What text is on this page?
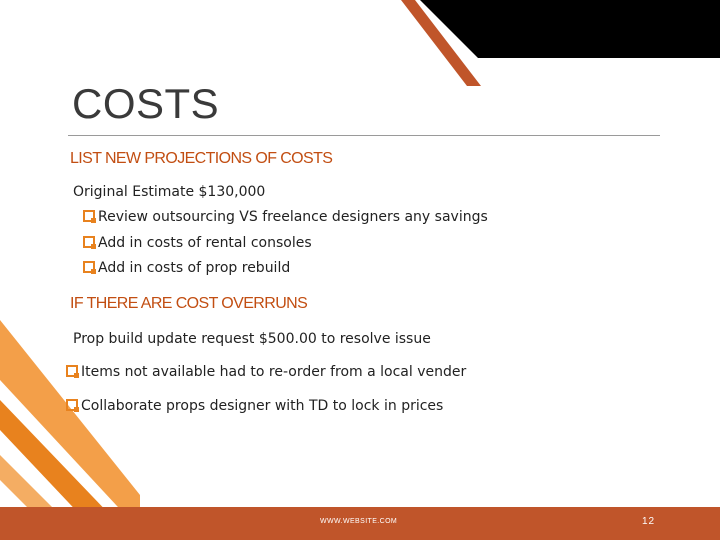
COSTS
LIST NEW PROJECTIONS OF COSTS
Original Estimate $130,000
Review outsourcing VS freelance designers any savings
Add in costs of rental consoles
Add in costs of prop rebuild
IF THERE ARE COST OVERRUNS
Prop build update request $500.00 to resolve issue
Items not available had to re-order from a local vender
Collaborate props designer with TD to lock in prices
WWW.WEBSITE.COM	12
